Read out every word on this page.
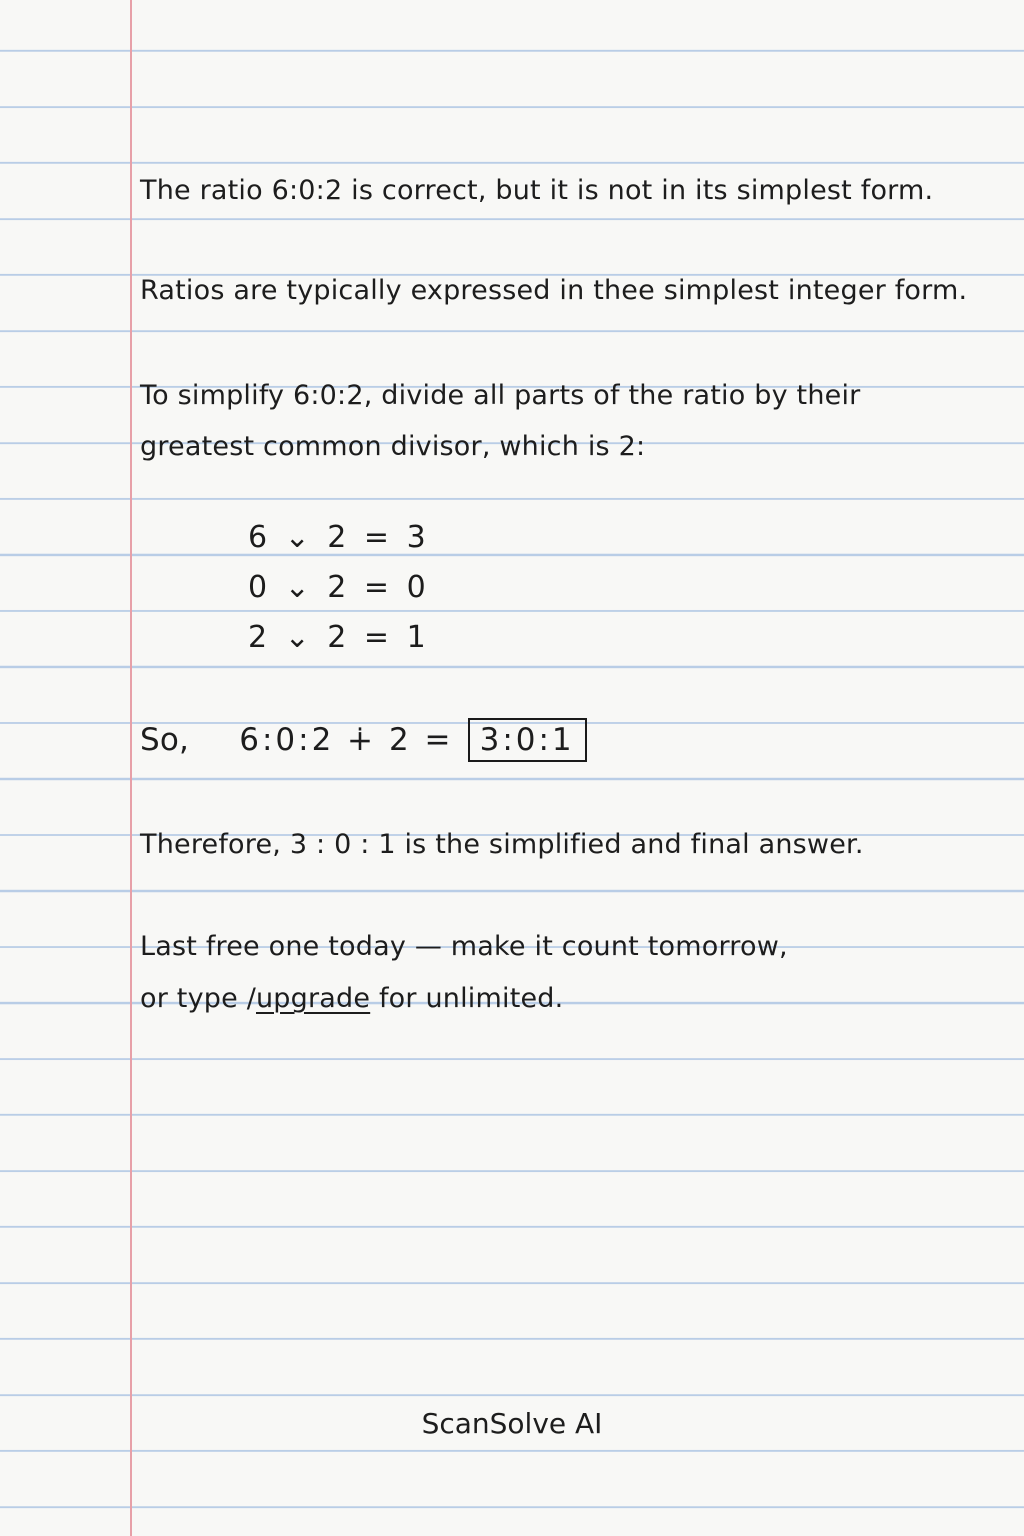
The ratio 6:0:2 is correct, but it is not in its simplest form.

Ratios are typically expressed in thee simplest integer form.

To simplify 6:0:2, divide all parts of the ratio by their

greatest common divisor, which is 2:

6 ⌄ 2 = 3
0 ⌄ 2 = 0
2 ⌄ 2 = 1
So, 6:0:2 ∔ 2 = 3:0:1

Therefore, 3 : 0 : 1 is the simplified and final answer.

Last free one today — make it count tomorrow,

or type /upgrade for unlimited.

ScanSolve AI
